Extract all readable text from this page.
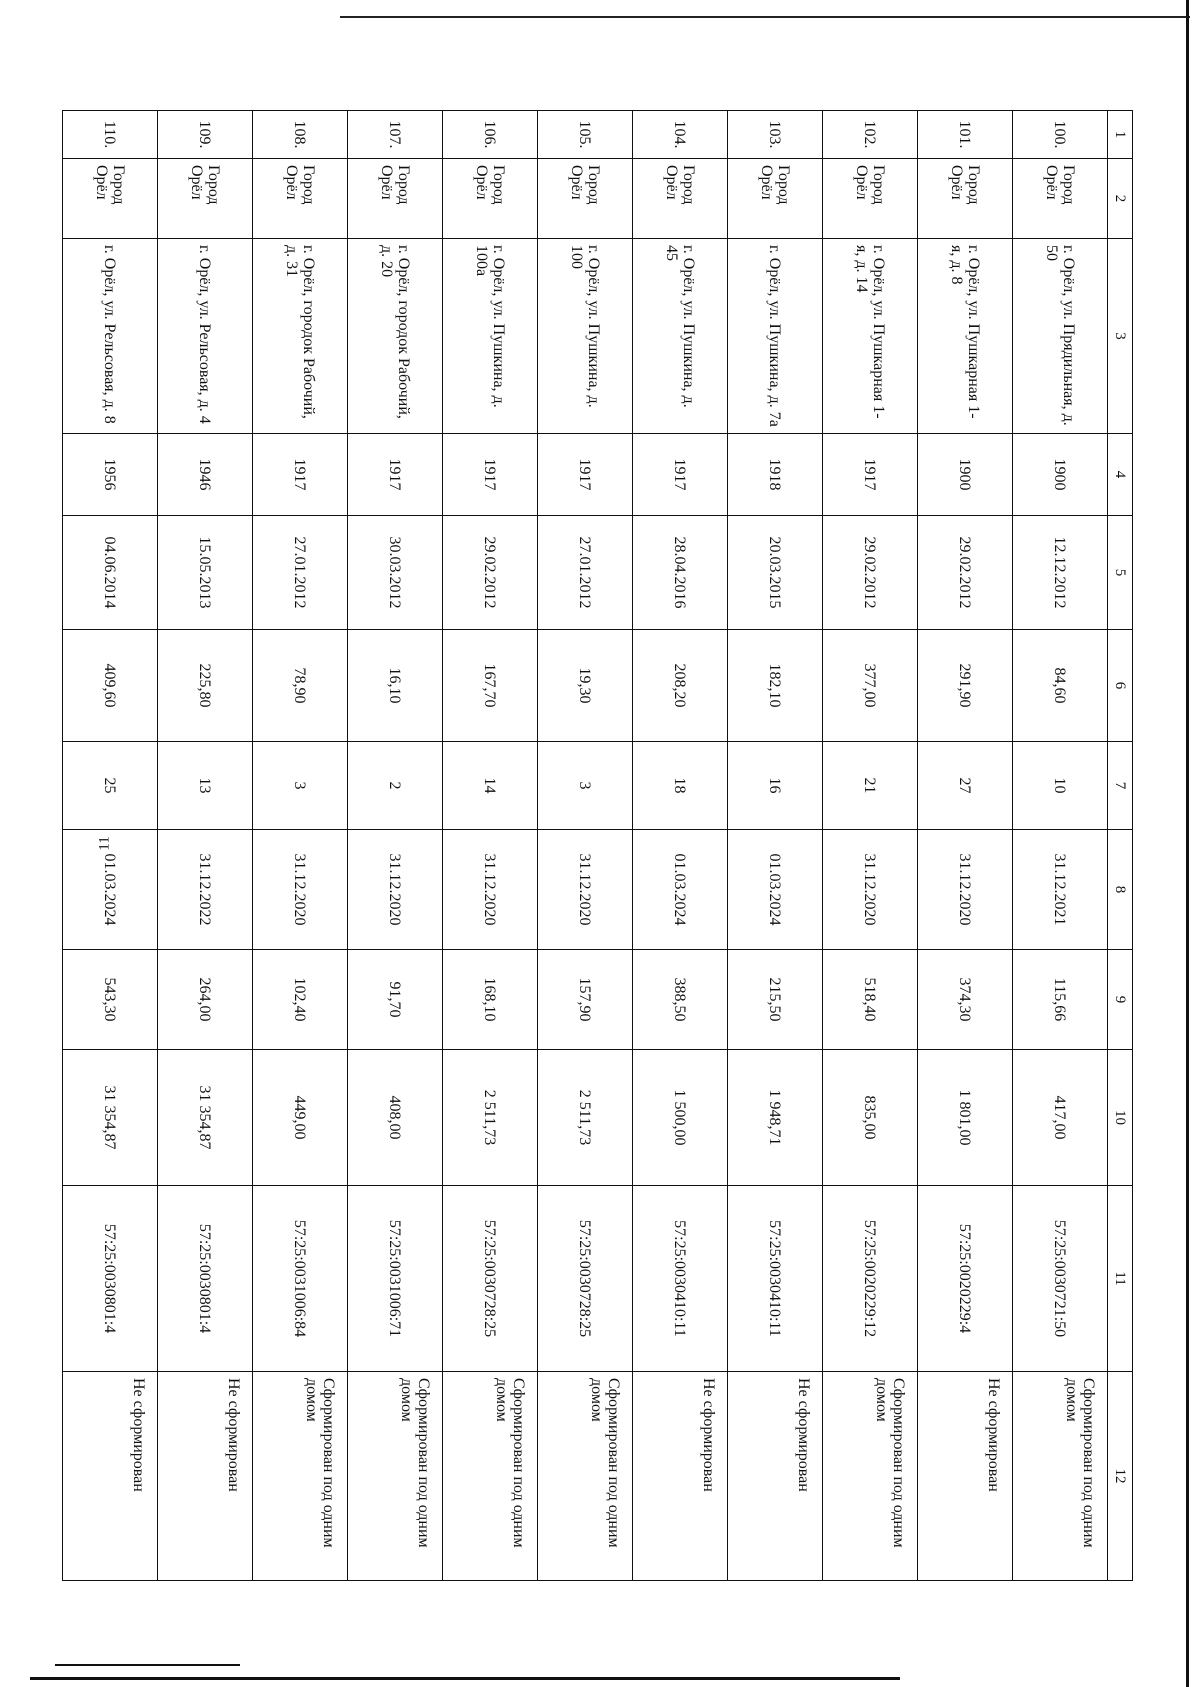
11
1	2	3	4	5	6	7	8	9	10	11	12
100.	Город Орёл	г. Орёл, ул. Прядильная, д. 50	1900	12.12.2012	84,60	10	31.12.2021	115,66	417,00	57:25:0030721:50	Сформирован под одним домом
101.	Город Орёл	г. Орёл, ул. Пушкарная 1-я, д. 8	1900	29.02.2012	291,90	27	31.12.2020	374,30	1 801,00	57:25:0020229:4	Не сформирован
102.	Город Орёл	г. Орёл, ул. Пушкарная 1-я, д. 14	1917	29.02.2012	377,00	21	31.12.2020	518,40	835,00	57:25:0020229:12	Сформирован под одним домом
103.	Город Орёл	г. Орёл, ул. Пушкина, д. 7а	1918	20.03.2015	182,10	16	01.03.2024	215,50	1 948,71	57:25:0030410:11	Не сформирован
104.	Город Орёл	г. Орёл, ул. Пушкина, д. 45	1917	28.04.2016	208,20	18	01.03.2024	388,50	1 500,00	57:25:0030410:11	Не сформирован
105.	Город Орёл	г. Орёл, ул. Пушкина, д. 100	1917	27.01.2012	19,30	3	31.12.2020	157,90	2 511,73	57:25:0030728:25	Сформирован под одним домом
106.	Город Орёл	г. Орёл, ул. Пушкина, д. 100а	1917	29.02.2012	167,70	14	31.12.2020	168,10	2 511,73	57:25:0030728:25	Сформирован под одним домом
107.	Город Орёл	г. Орёл, городок Рабочий, д. 20	1917	30.03.2012	16,10	2	31.12.2020	91,70	408,00	57:25:0031006:71	Сформирован под одним домом
108.	Город Орёл	г. Орёл, городок Рабочий, д. 31	1917	27.01.2012	78,90	3	31.12.2020	102,40	449,00	57:25:0031006:84	Сформирован под одним домом
109.	Город Орёл	г. Орёл, ул. Рельсовая, д. 4	1946	15.05.2013	225,80	13	31.12.2022	264,00	31 354,87	57:25:0030801:4	Не сформирован
110.	Город Орёл	г. Орёл, ул. Рельсовая, д. 8	1956	04.06.2014	409,60	25	01.03.2024	543,30	31 354,87	57:25:0030801:4	Не сформирован
